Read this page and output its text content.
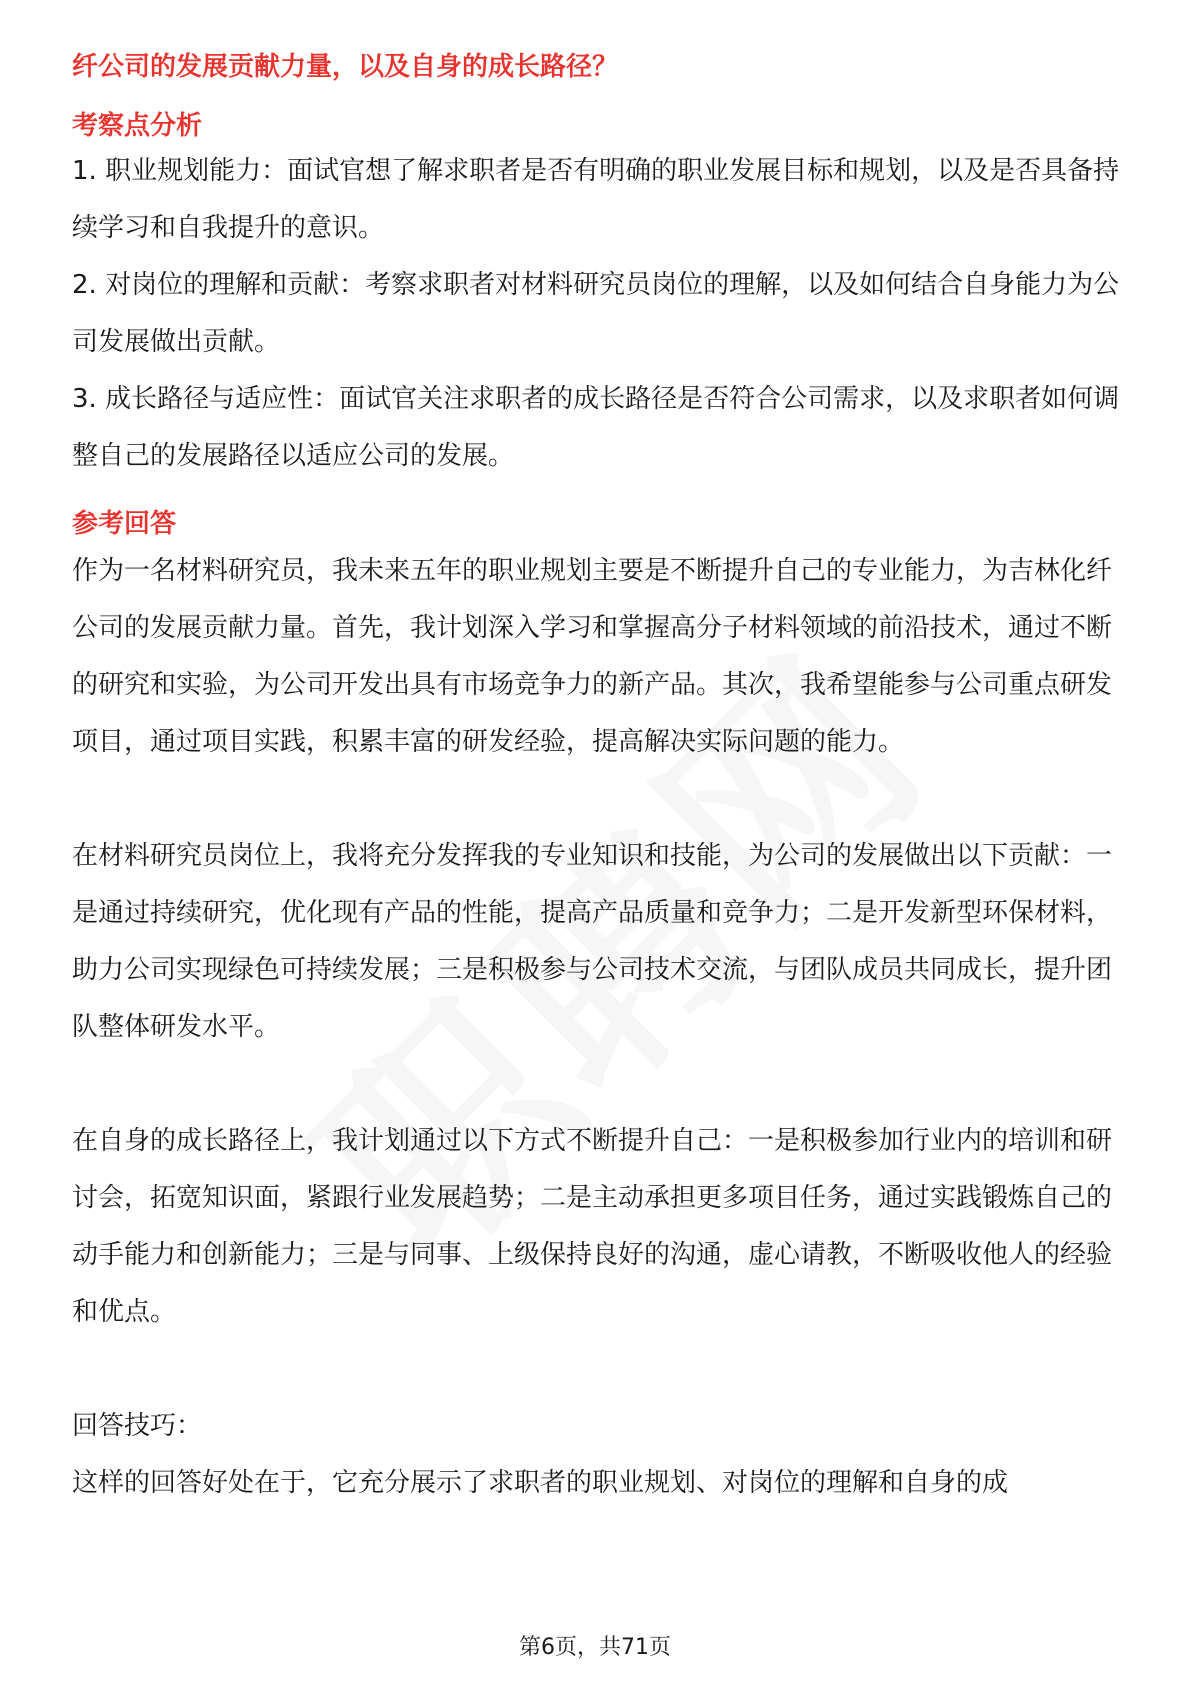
纤公司的发展贡献力量，以及自身的成长路径？

考察点分析

1. 职业规划能力：面试官想了解求职者是否有明确的职业发展目标和规划，以及是否具备持续学习和自我提升的意识。

2. 对岗位的理解和贡献：考察求职者对材料研究员岗位的理解，以及如何结合自身能力为公司发展做出贡献。

3. 成长路径与适应性：面试官关注求职者的成长路径是否符合公司需求，以及求职者如何调整自己的发展路径以适应公司的发展。

参考回答

作为一名材料研究员，我未来五年的职业规划主要是不断提升自己的专业能力，为吉林化纤公司的发展贡献力量。首先，我计划深入学习和掌握高分子材料领域的前沿技术，通过不断的研究和实验，为公司开发出具有市场竞争力的新产品。其次，我希望能参与公司重点研发项目，通过项目实践，积累丰富的研发经验，提高解决实际问题的能力。

在材料研究员岗位上，我将充分发挥我的专业知识和技能，为公司的发展做出以下贡献：一是通过持续研究，优化现有产品的性能，提高产品质量和竞争力；二是开发新型环保材料，助力公司实现绿色可持续发展；三是积极参与公司技术交流，与团队成员共同成长，提升团队整体研发水平。

在自身的成长路径上，我计划通过以下方式不断提升自己：一是积极参加行业内的培训和研讨会，拓宽知识面，紧跟行业发展趋势；二是主动承担更多项目任务，通过实践锻炼自己的动手能力和创新能力；三是与同事、上级保持良好的沟通，虚心请教，不断吸收他人的经验和优点。

回答技巧：

这样的回答好处在于，它充分展示了求职者的职业规划、对岗位的理解和自身的成

第6页，共71页
